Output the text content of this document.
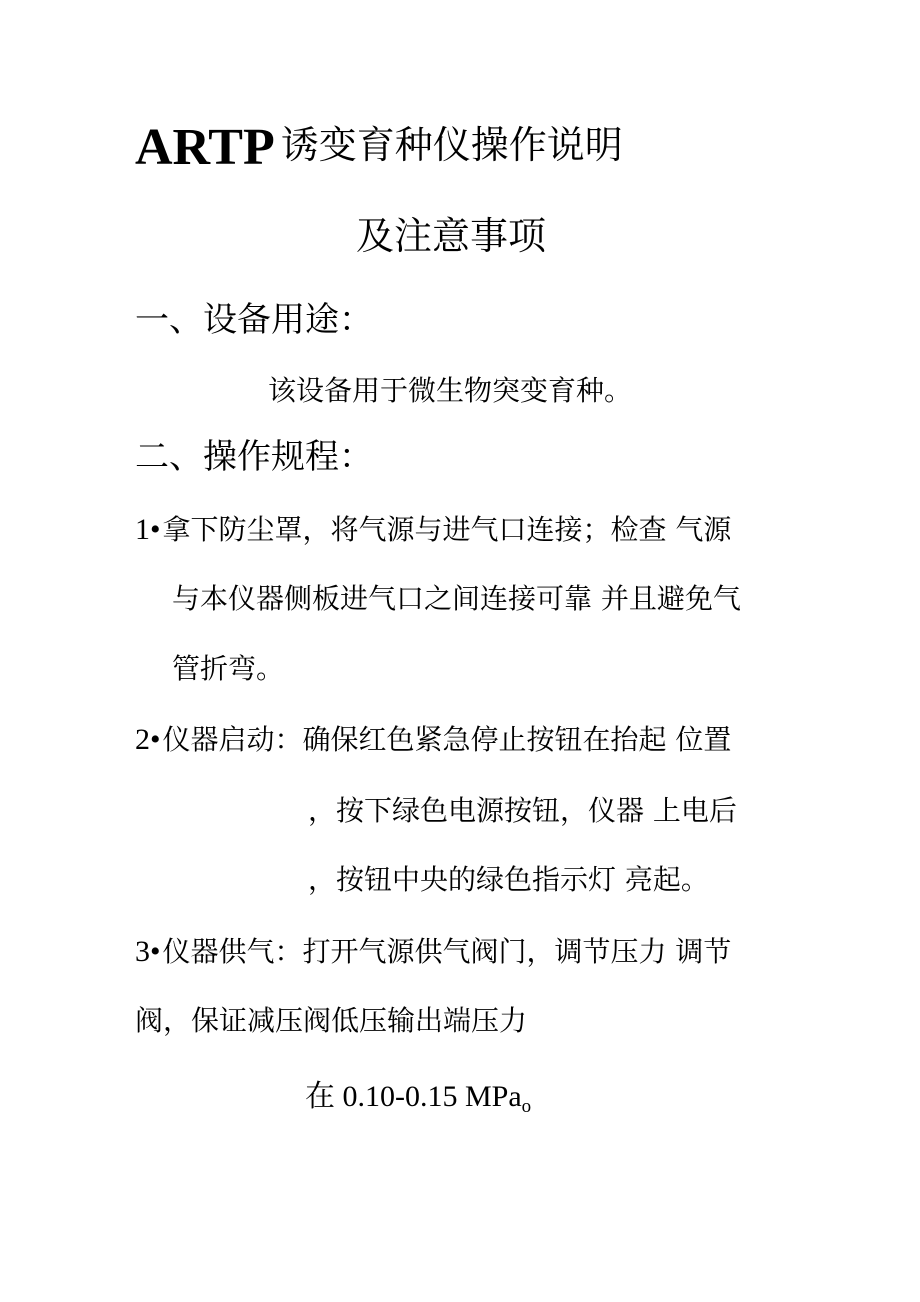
ARTP 诱变育种仪操作说明
及注意事项
一、设备用途：
该设备用于微生物突变育种。
二、操作规程：
1•拿下防尘罩，将气源与进气口连接；检查 气源
与本仪器侧板进气口之间连接可靠 并且避免气
管折弯。
2•仪器启动：确保红色紧急停止按钮在抬起 位置
，按下绿色电源按钮，仪器 上电后
，按钮中央的绿色指示灯 亮起。
3•仪器供气：打开气源供气阀门，调节压力 调节
阀，保证减压阀低压输出端压力
在 0.10-0.15 MPa$_o$
